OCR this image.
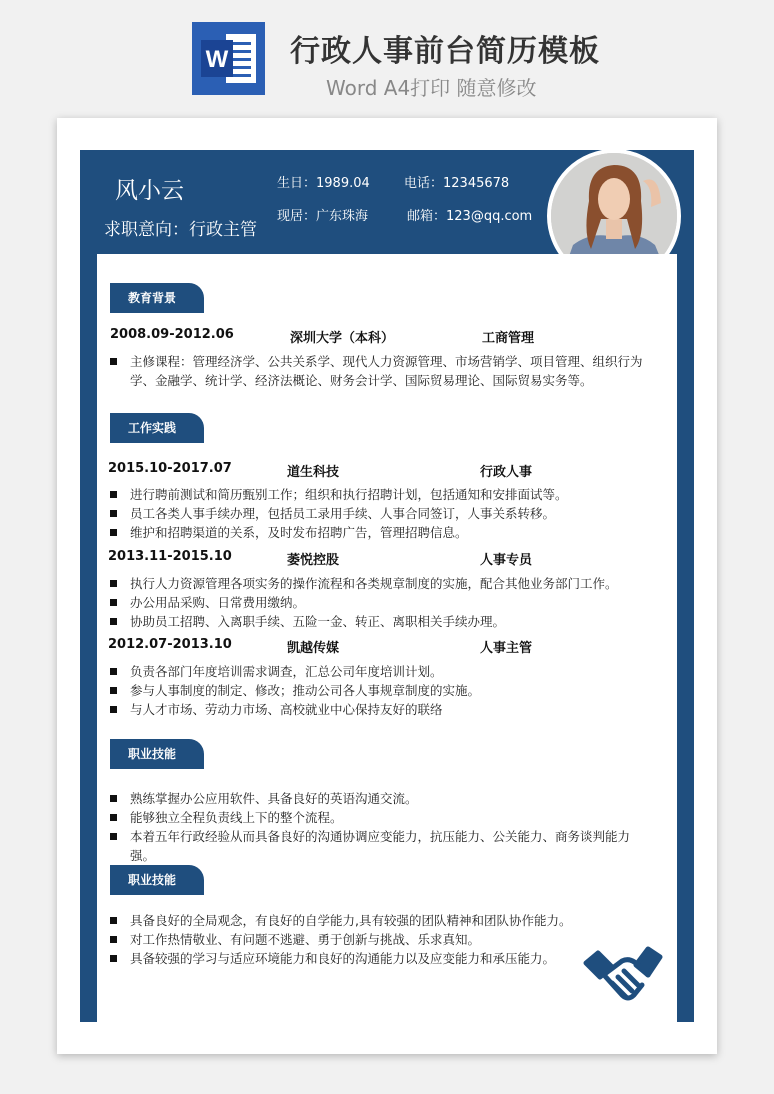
W 行政人事前台简历模板
Word A4打印 随意修改
风小云
求职意向：行政主管
生日：1989.04	电话：12345678
现居：广东珠海	邮箱：123@qq.com
教育背景
2008.09-2012.06	深圳大学（本科）	工商管理
主修课程：管理经济学、公共关系学、现代人力资源管理、市场营销学、项目管理、组织行为学、金融学、统计学、经济法概论、财务会计学、国际贸易理论、国际贸易实务等。
工作实践
2015.10-2017.07	道生科技	行政人事
进行聘前测试和简历甄别工作；组织和执行招聘计划，包括通知和安排面试等。
员工各类人事手续办理，包括员工录用手续、人事合同签订，人事关系转移。
维护和招聘渠道的关系，及时发布招聘广告，管理招聘信息。
2013.11-2015.10	萎悦控股	人事专员
执行人力资源管理各项实务的操作流程和各类规章制度的实施，配合其他业务部门工作。
办公用品采购、日常费用缴纳。
协助员工招聘、入离职手续、五险一金、转正、离职相关手续办理。
2012.07-2013.10	凯越传媒	人事主管
负责各部门年度培训需求调查，汇总公司年度培训计划。
参与人事制度的制定、修改；推动公司各人事规章制度的实施。
与人才市场、劳动力市场、高校就业中心保持友好的联络
职业技能
熟练掌握办公应用软件、具备良好的英语沟通交流。
能够独立全程负责线上下的整个流程。
本着五年行政经验从而具备良好的沟通协调应变能力，抗压能力、公关能力、商务谈判能力强。
职业技能
具备良好的全局观念，有良好的自学能力,具有较强的团队精神和团队协作能力。
对工作热情敬业、有问题不逃避、勇于创新与挑战、乐求真知。
具备较强的学习与适应环境能力和良好的沟通能力以及应变能力和承压能力。
